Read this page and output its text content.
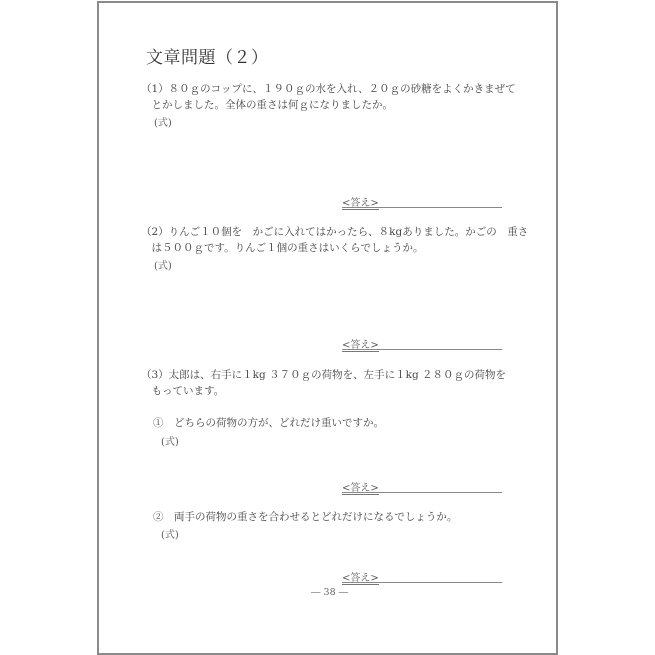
文章問題（２）
（1）８０ｇのコップに、１９０ｇの水を入れ、２０ｇの砂糖をよくかきまぜて
　とかしました。全体の重さは何ｇになりましたか。
(式)
<答え>
（2）りんご１０個を　かごに入れてはかったら、８kgありました。かごの　重さ
　は５００ｇです。りんご１個の重さはいくらでしょうか。
(式)
<答え>
（3）太郎は、右手に１kg ３７０ｇの荷物を、左手に１kg ２８０ｇの荷物を
　もっています。
①　どちらの荷物の方が、どれだけ重いですか。
(式)
<答え>
②　両手の荷物の重さを合わせるとどれだけになるでしょうか。
(式)
<答え>
― 38 ―
